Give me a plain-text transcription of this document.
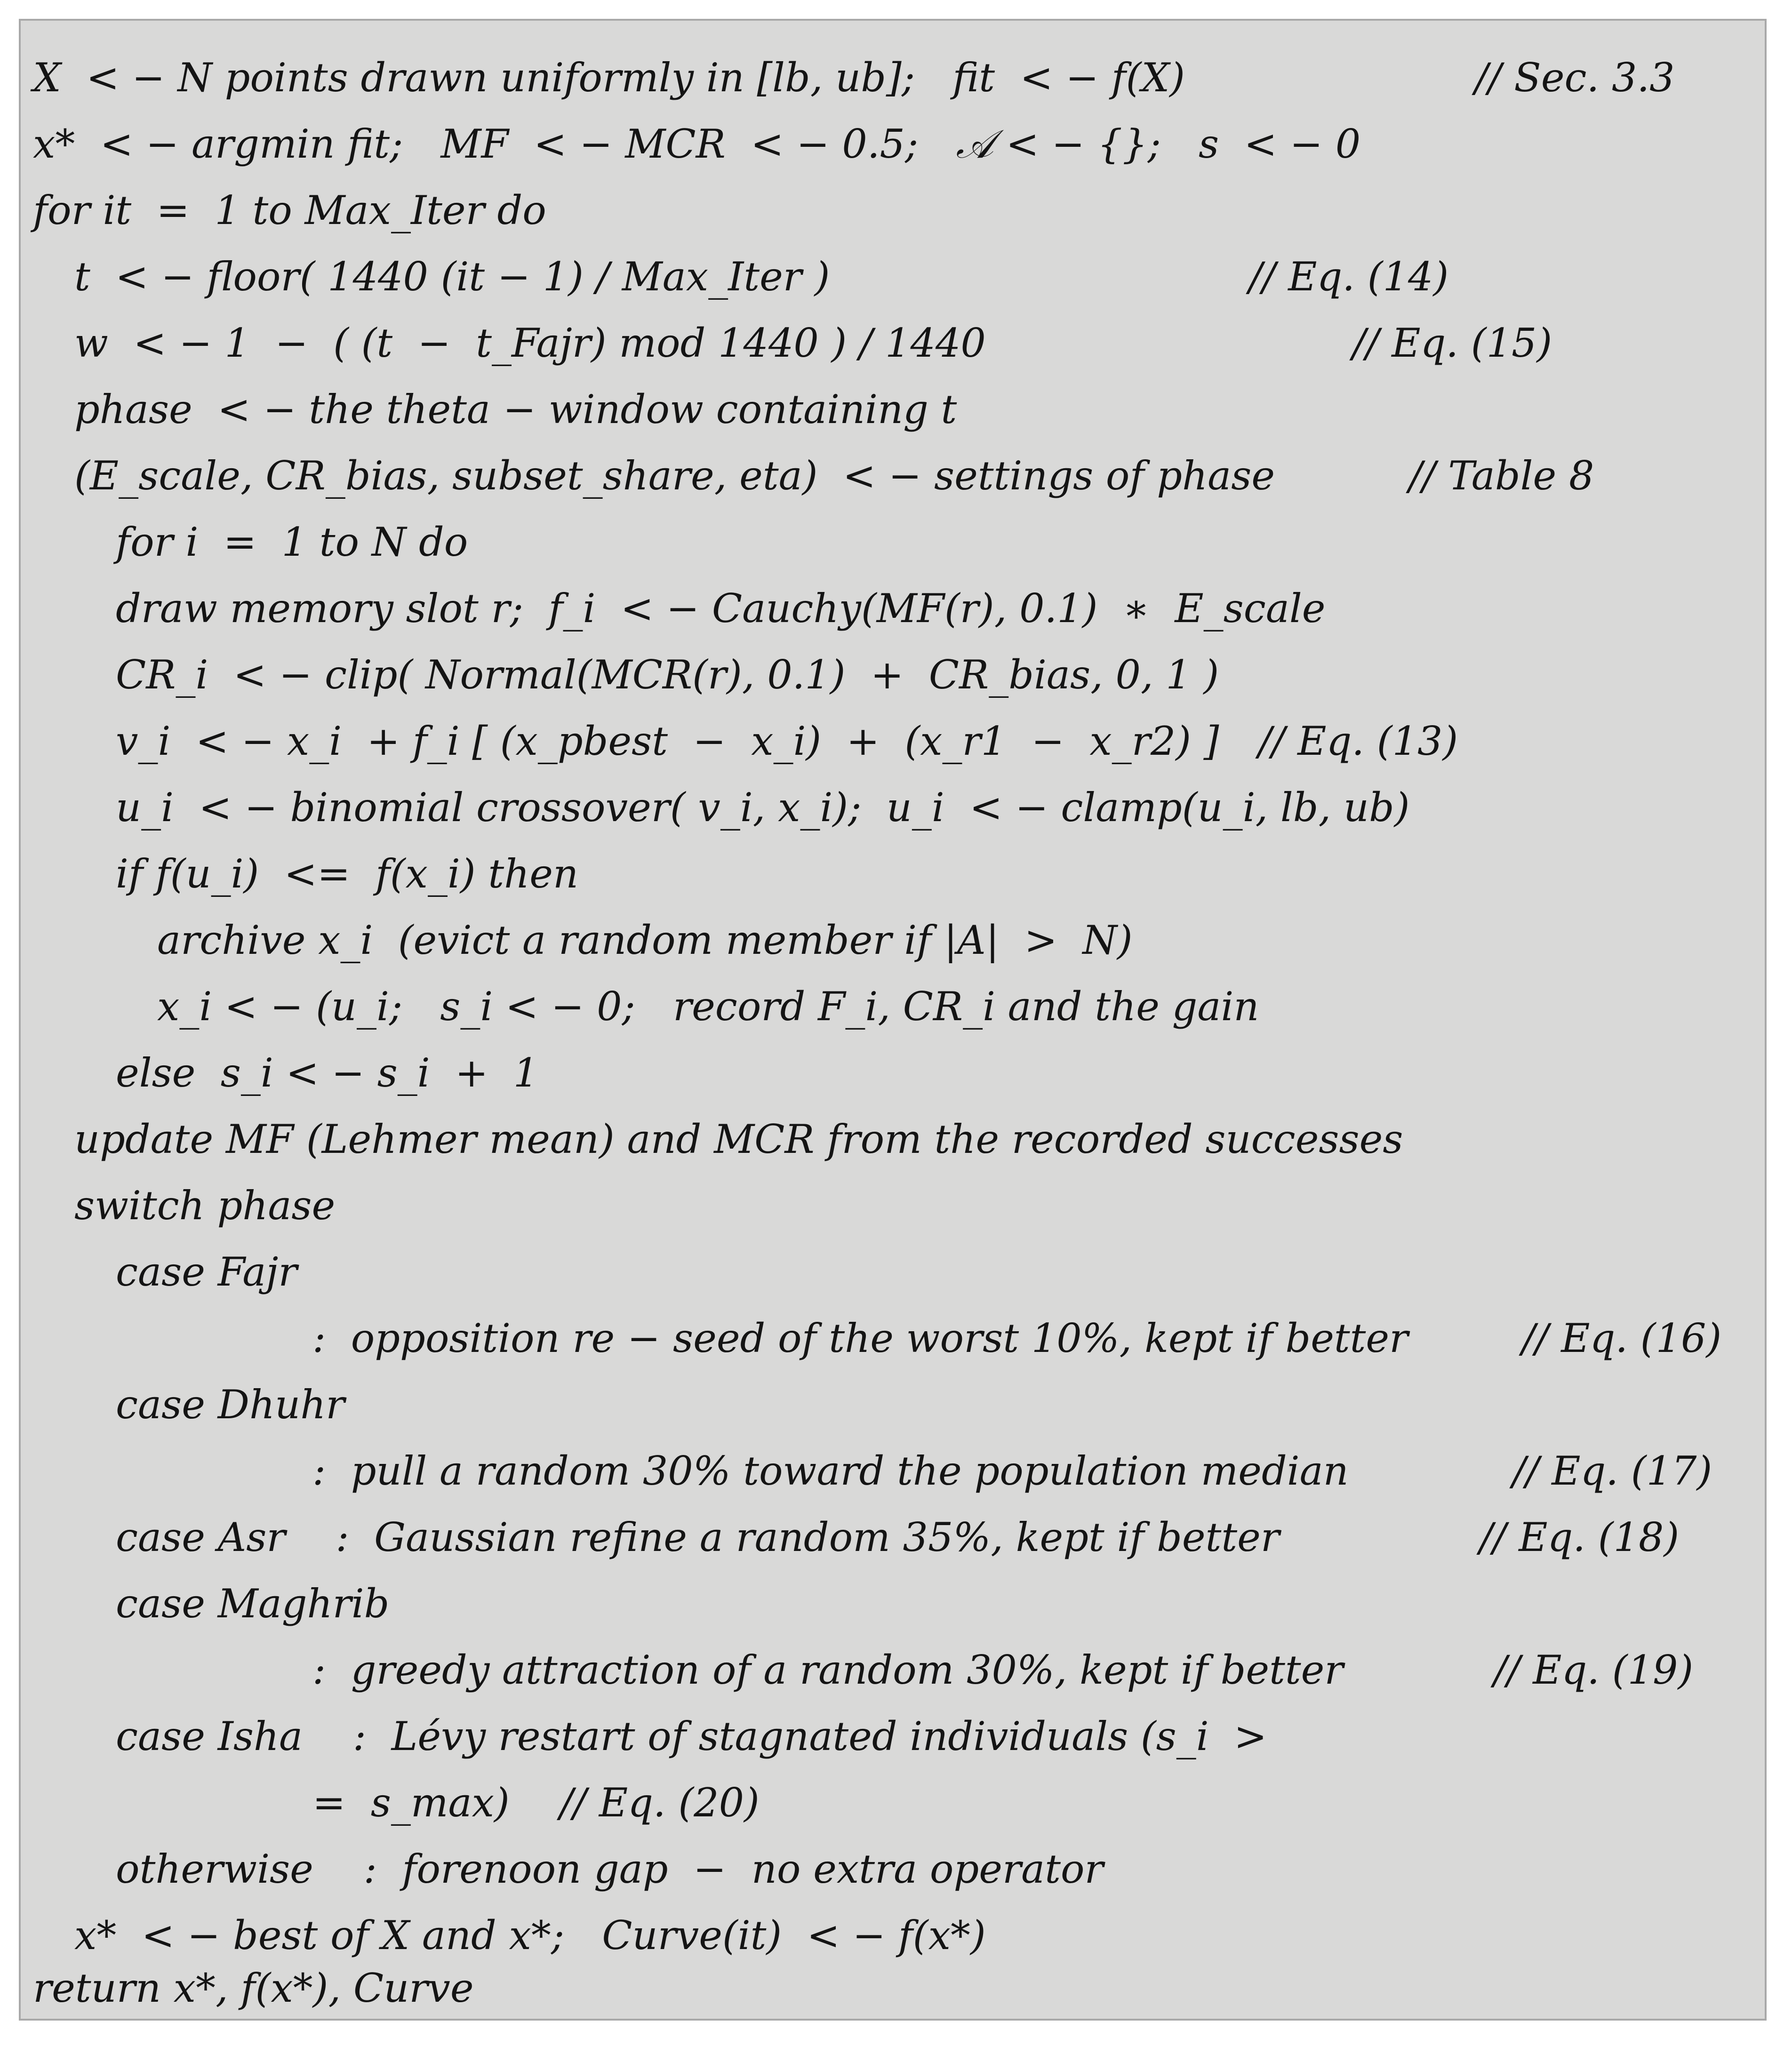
X  < − N points drawn uniformly in [lb, ub];   fit  < − f(X)	// Sec. 3.3
x*  < − argmin fit;   MF  < − MCR  < − 0.5;   𝒜 < − {};   s  < − 0
for it  =  1 to Max_Iter do
t  < − floor( 1440 (it − 1) / Max_Iter )	// Eq. (14)
w  < − 1  −  ( (t  −  t_Fajr) mod 1440 ) / 1440	// Eq. (15)
phase  < − the theta − window containing t
(E_scale, CR_bias, subset_share, eta)  < − settings of phase	// Table 8
for i  =  1 to N do
draw memory slot r;  f_i  < − Cauchy(MF(r), 0.1)  ∗  E_scale
CR_i  < − clip( Normal(MCR(r), 0.1)  +  CR_bias, 0, 1 )
v_i  < − x_i  + f_i [ (x_pbest  −  x_i)  +  (x_r1  −  x_r2) ] // Eq. (13)
u_i  < − binomial crossover( v_i, x_i);  u_i  < − clamp(u_i, lb, ub)
if f(u_i)  <=  f(x_i) then
archive x_i  (evict a random member if |A|  >  N)
x_i < − (u_i;   s_i < − 0;   record F_i, CR_i and the gain
else  s_i < − s_i  +  1
update MF (Lehmer mean) and MCR from the recorded successes
switch phase
case Fajr
:  opposition re − seed of the worst 10%, kept if better	// Eq. (16)
case Dhuhr
:  pull a random 30% toward the population median	// Eq. (17)
case Asr    :  Gaussian refine a random 35%, kept if better	// Eq. (18)
case Maghrib
:  greedy attraction of a random 30%, kept if better	// Eq. (19)
case Isha    :  Lévy restart of stagnated individuals (s_i  >
=  s_max)    // Eq. (20)
otherwise    :  forenoon gap  −  no extra operator
x*  < − best of X and x*;   Curve(it)  < − f(x*)
return x*, f(x*), Curve
